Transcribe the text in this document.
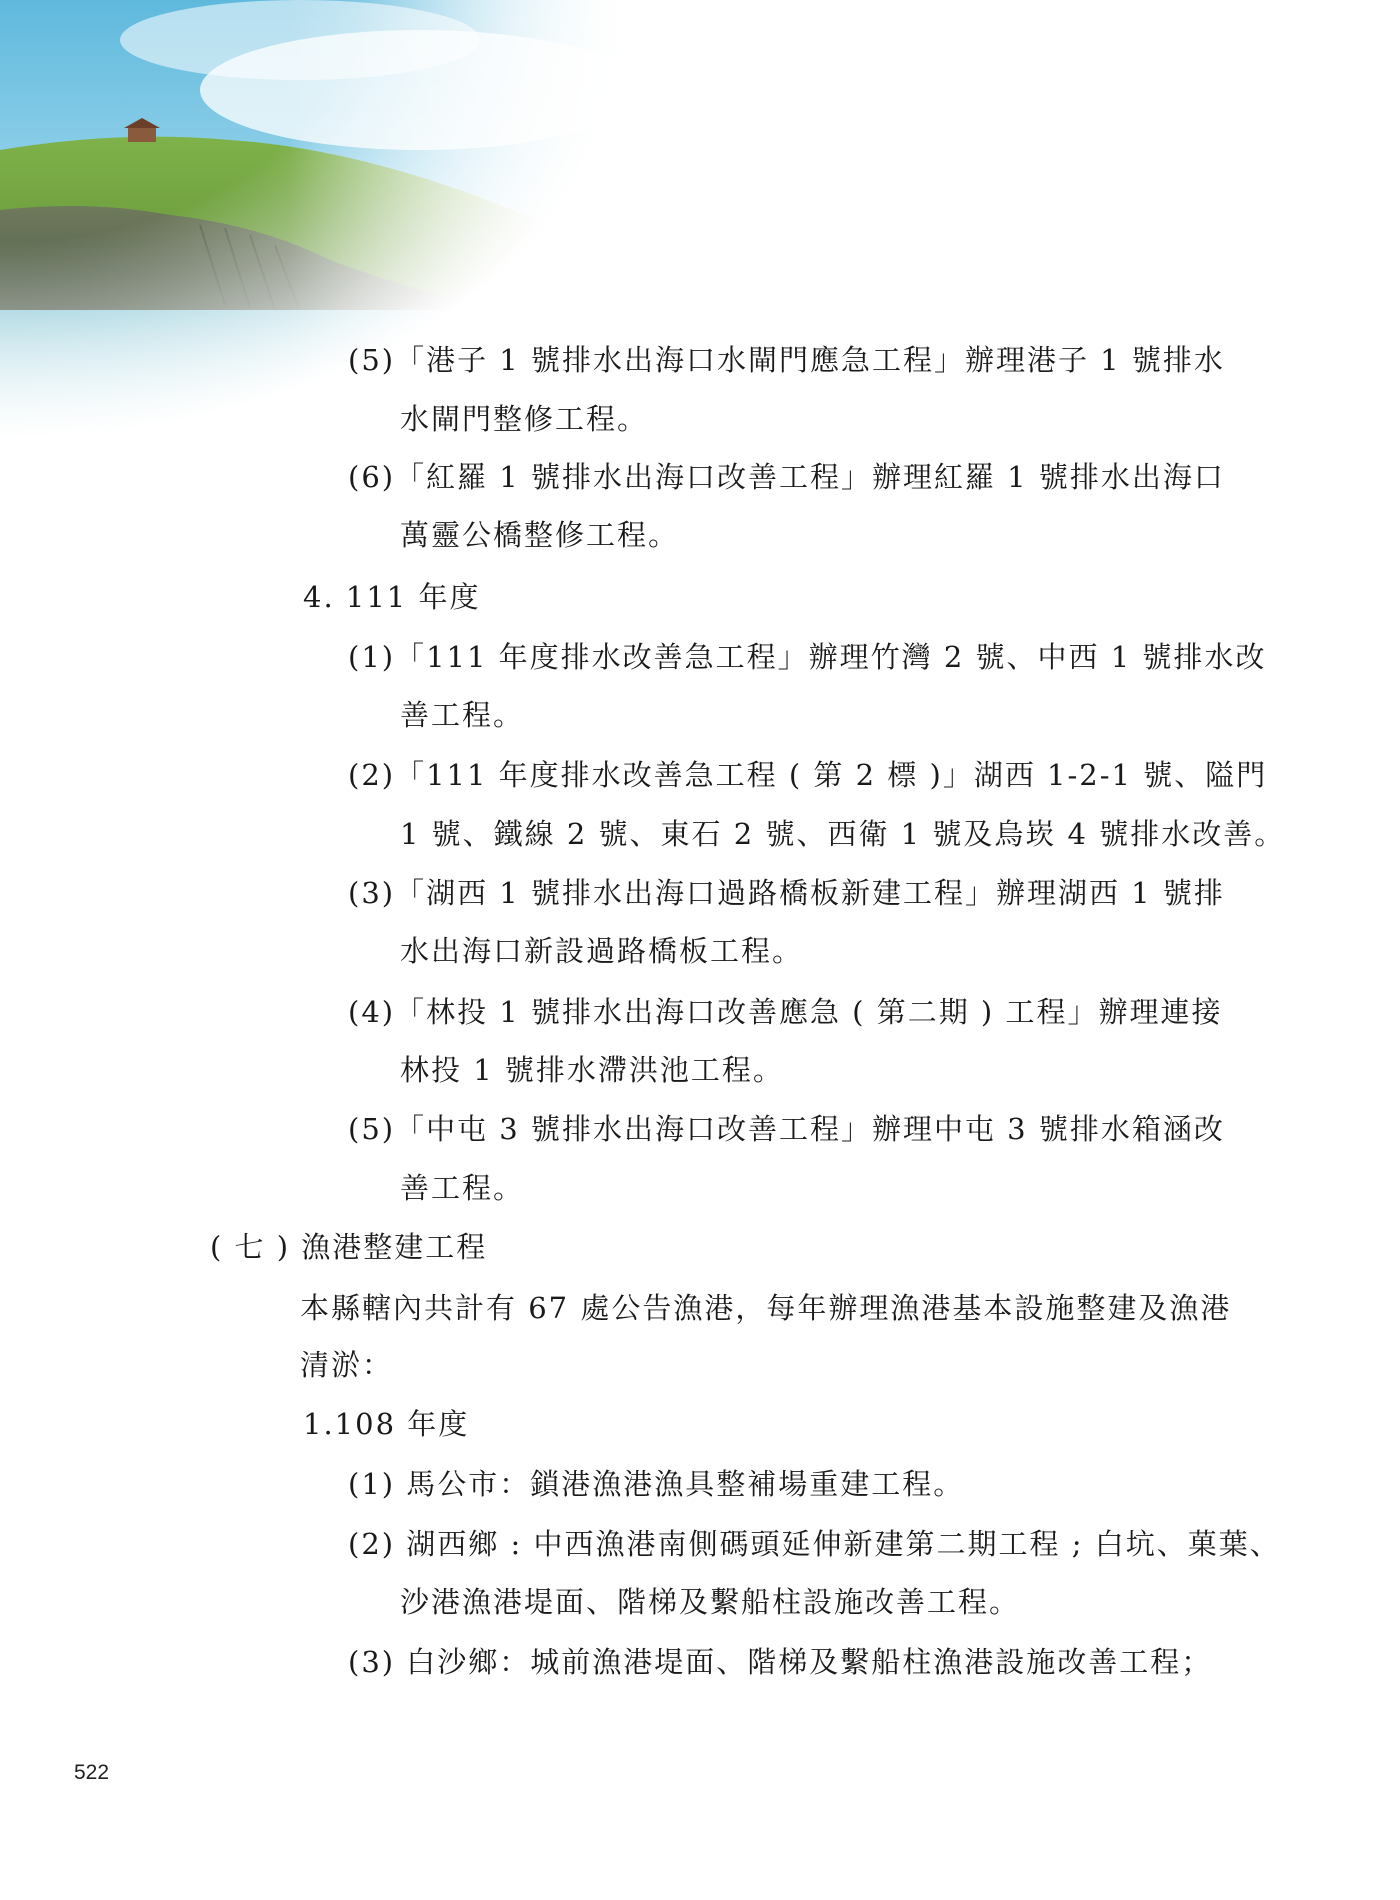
(5)「港子 1 號排水出海口水閘門應急工程」辦理港子 1 號排水
水閘門整修工程。
(6)「紅羅 1 號排水出海口改善工程」辦理紅羅 1 號排水出海口
萬靈公橋整修工程。
4. 111 年度
(1)「111 年度排水改善急工程」辦理竹灣 2 號、中西 1 號排水改
善工程。
(2)「111 年度排水改善急工程 ( 第 2 標 )」湖西 1-2-1 號、隘門
1 號、鐵線 2 號、東石 2 號、西衛 1 號及烏崁 4 號排水改善。
(3)「湖西 1 號排水出海口過路橋板新建工程」辦理湖西 1 號排
水出海口新設過路橋板工程。
(4)「林投 1 號排水出海口改善應急 ( 第二期 ) 工程」辦理連接
林投 1 號排水滯洪池工程。
(5)「中屯 3 號排水出海口改善工程」辦理中屯 3 號排水箱涵改
善工程。
( 七 ) 漁港整建工程
本縣轄內共計有 67 處公告漁港，每年辦理漁港基本設施整建及漁港
清淤：
1.108 年度
(1) 馬公市：鎖港漁港漁具整補場重建工程。
(2) 湖西鄉 : 中西漁港南側碼頭延伸新建第二期工程 ; 白坑、菓葉、
沙港漁港堤面、階梯及繫船柱設施改善工程。
(3) 白沙鄉：城前漁港堤面、階梯及繫船柱漁港設施改善工程；
522
